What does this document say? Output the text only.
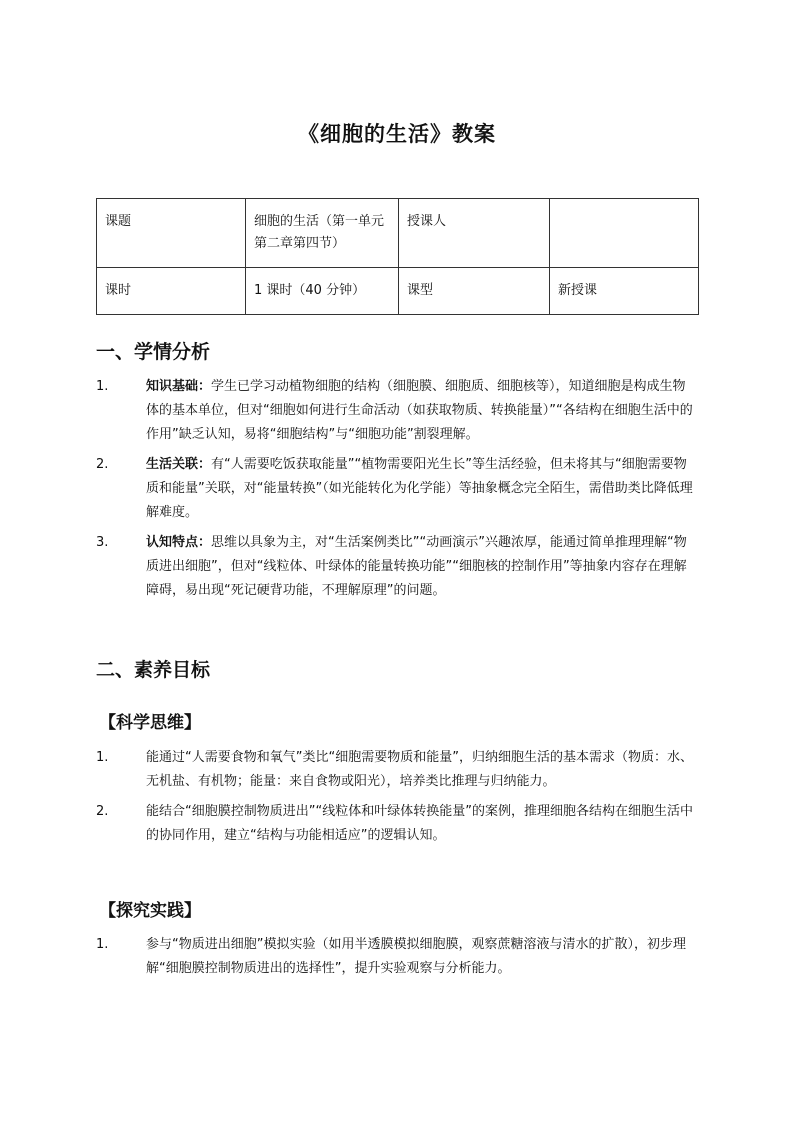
《细胞的生活》教案
课题	细胞的生活（第一单元第二章第四节）	授课人	
课时	1 课时（40 分钟）	课型	新授课
一、学情分析
1.	知识基础：学生已学习动植物细胞的结构（细胞膜、细胞质、细胞核等），知道细胞是构成生物体的基本单位，但对“细胞如何进行生命活动（如获取物质、转换能量）”“各结构在细胞生活中的作用”缺乏认知，易将“细胞结构”与“细胞功能”割裂理解。
2.	生活关联：有“人需要吃饭获取能量”“植物需要阳光生长”等生活经验，但未将其与“细胞需要物质和能量”关联，对“能量转换”（如光能转化为化学能）等抽象概念完全陌生，需借助类比降低理解难度。
3.	认知特点：思维以具象为主，对“生活案例类比”“动画演示”兴趣浓厚，能通过简单推理理解“物质进出细胞”，但对“线粒体、叶绿体的能量转换功能”“细胞核的控制作用”等抽象内容存在理解障碍，易出现“死记硬背功能，不理解原理”的问题。
二、素养目标
【科学思维】
1.	能通过“人需要食物和氧气”类比“细胞需要物质和能量”，归纳细胞生活的基本需求（物质：水、无机盐、有机物；能量：来自食物或阳光），培养类比推理与归纳能力。
2.	能结合“细胞膜控制物质进出”“线粒体和叶绿体转换能量”的案例，推理细胞各结构在细胞生活中的协同作用，建立“结构与功能相适应”的逻辑认知。
【探究实践】
1.	参与“物质进出细胞”模拟实验（如用半透膜模拟细胞膜，观察蔗糖溶液与清水的扩散），初步理解“细胞膜控制物质进出的选择性”，提升实验观察与分析能力。
